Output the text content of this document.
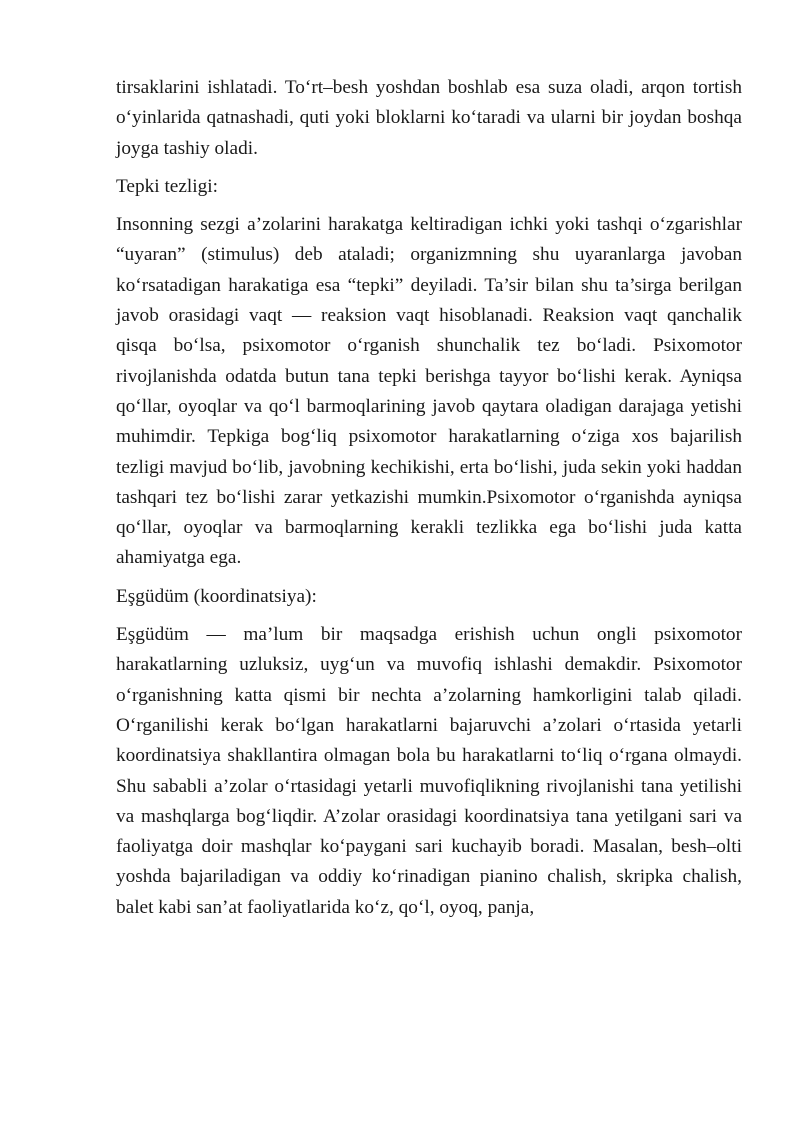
tirsaklarini ishlatadi. To‘rt–besh yoshdan boshlab esa suza oladi, arqon tortish o‘yinlarida qatnashadi, quti yoki bloklarni ko‘taradi va ularni bir joydan boshqa joyga tashiy oladi.

Tepki tezligi:

Insonning sezgi a’zolarini harakatga keltiradigan ichki yoki tashqi o‘zgarishlar “uyaran” (stimulus) deb ataladi; organizmning shu uyaranlarga javoban ko‘rsatadigan harakatiga esa “tepki” deyiladi. Ta’sir bilan shu ta’sirga berilgan javob orasidagi vaqt — reaksion vaqt hisoblanadi. Reaksion vaqt qanchalik qisqa bo‘lsa, psixomotor o‘rganish shunchalik tez bo‘ladi. Psixomotor rivojlanishda odatda butun tana tepki berishga tayyor bo‘lishi kerak. Ayniqsa qo‘llar, oyoqlar va qo‘l barmoqlarining javob qaytara oladigan darajaga yetishi muhimdir. Tepkiga bog‘liq psixomotor harakatlarning o‘ziga xos bajarilish tezligi mavjud bo‘lib, javobning kechikishi, erta bo‘lishi, juda sekin yoki haddan tashqari tez bo‘lishi zarar yetkazishi mumkin.Psixomotor o‘rganishda ayniqsa qo‘llar, oyoqlar va barmoqlarning kerakli tezlikka ega bo‘lishi juda katta ahamiyatga ega.

Eşgüdüm (koordinatsiya):

Eşgüdüm — ma’lum bir maqsadga erishish uchun ongli psixomotor harakatlarning uzluksiz, uyg‘un va muvofiq ishlashi demakdir. Psixomotor o‘rganishning katta qismi bir nechta a’zolarning hamkorligini talab qiladi. O‘rganilishi kerak bo‘lgan harakatlarni bajaruvchi a’zolari o‘rtasida yetarli koordinatsiya shakllantira olmagan bola bu harakatlarni to‘liq o‘rgana olmaydi. Shu sababli a’zolar o‘rtasidagi yetarli muvofiqlikning rivojlanishi tana yetilishi va mashqlarga bog‘liqdir. A’zolar orasidagi koordinatsiya tana yetilgani sari va faoliyatga doir mashqlar ko‘paygani sari kuchayib boradi. Masalan, besh–olti yoshda bajariladigan va oddiy ko‘rinadigan pianino chalish, skripka chalish, balet kabi san’at faoliyatlarida ko‘z, qo‘l, oyoq, panja,
